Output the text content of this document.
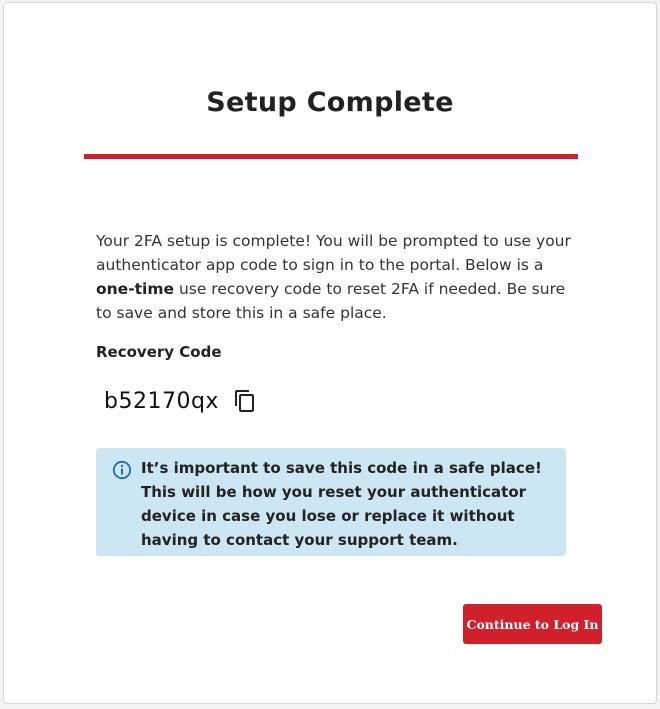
Setup Complete
Your 2FA setup is complete! You will be prompted to use your authenticator app code to sign in to the portal. Below is a one-time use recovery code to reset 2FA if needed. Be sure to save and store this in a safe place.
Recovery Code
b52170qx
It’s important to save this code in a safe place! This will be how you reset your authenticator device in case you lose or replace it without having to contact your support team.
Continue to Log In
